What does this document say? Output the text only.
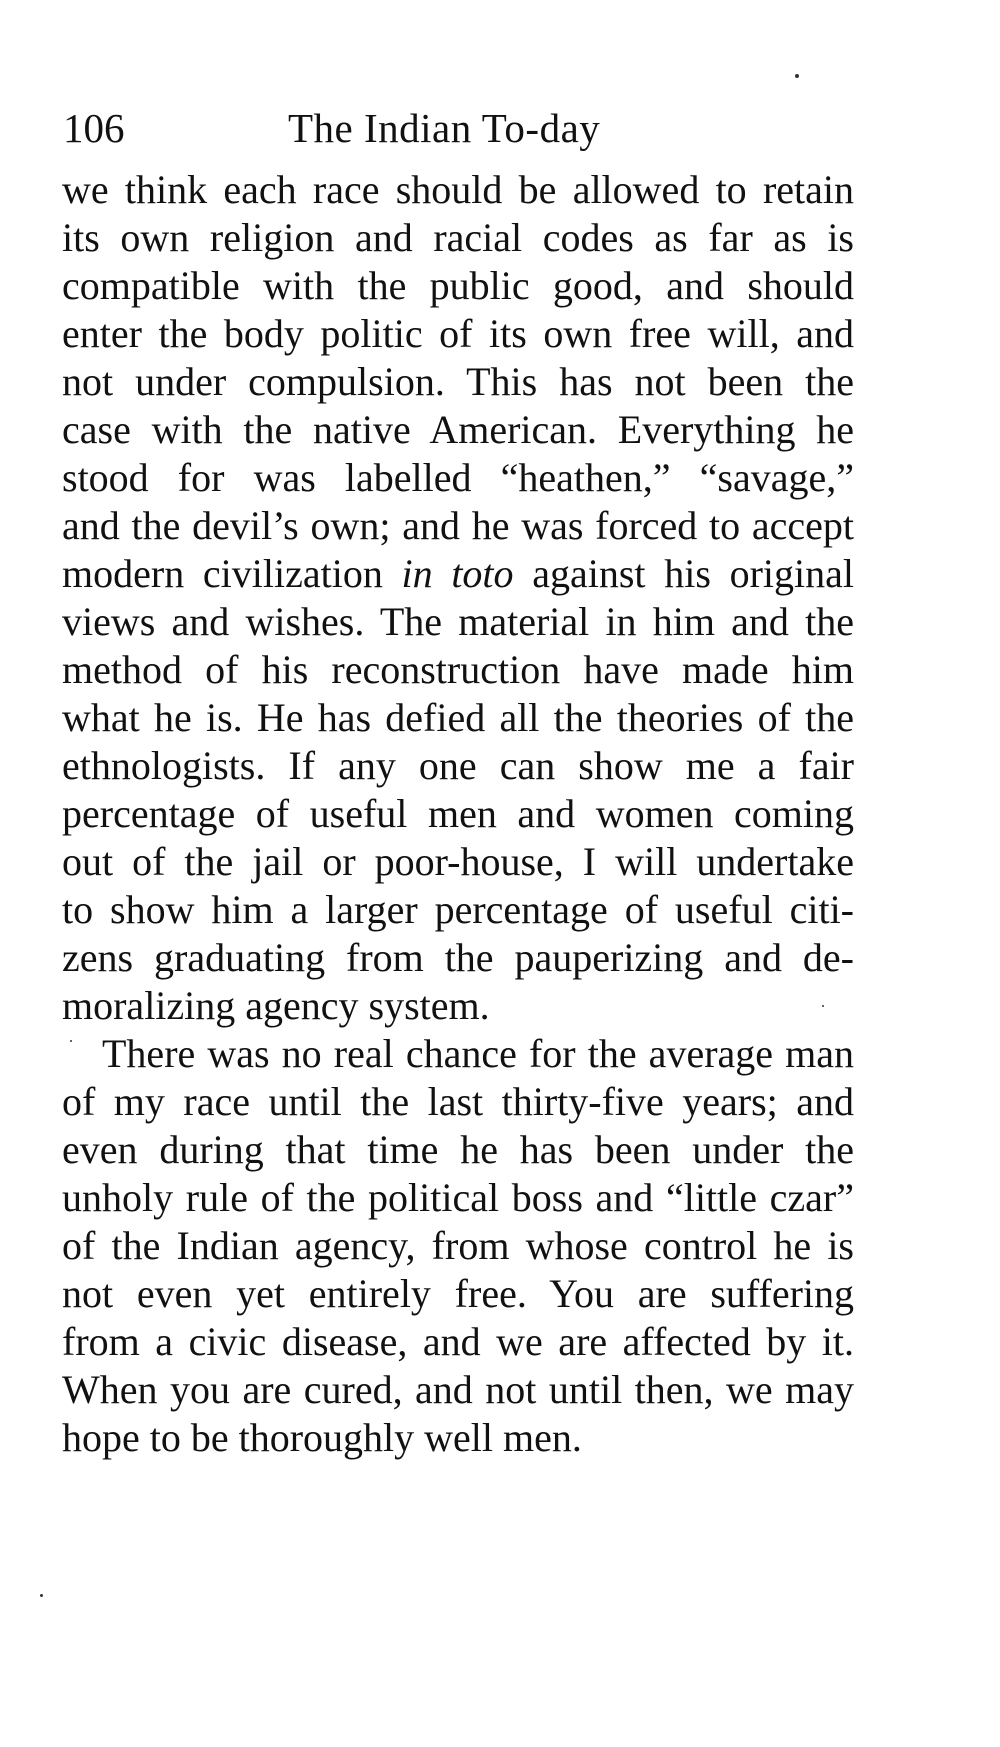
106	The Indian To-day
we think each race should be allowed to retain
its own religion and racial codes as far as is
compatible with the public good, and should
enter the body politic of its own free will, and
not under compulsion. This has not been the
case with the native American. Everything he
stood for was labelled “heathen,” “savage,”
and the devil’s own; and he was forced to accept
modern civilization in toto against his original
views and wishes. The material in him and the
method of his reconstruction have made him
what he is. He has defied all the theories of the
ethnologists. If any one can show me a fair
percentage of useful men and women coming
out of the jail or poor-house, I will undertake
to show him a larger percentage of useful citi-
zens graduating from the pauperizing and de-
moralizing agency system.
There was no real chance for the average man
of my race until the last thirty-five years; and
even during that time he has been under the
unholy rule of the political boss and “little czar”
of the Indian agency, from whose control he is
not even yet entirely free. You are suffering
from a civic disease, and we are affected by it.
When you are cured, and not until then, we may
hope to be thoroughly well men.
